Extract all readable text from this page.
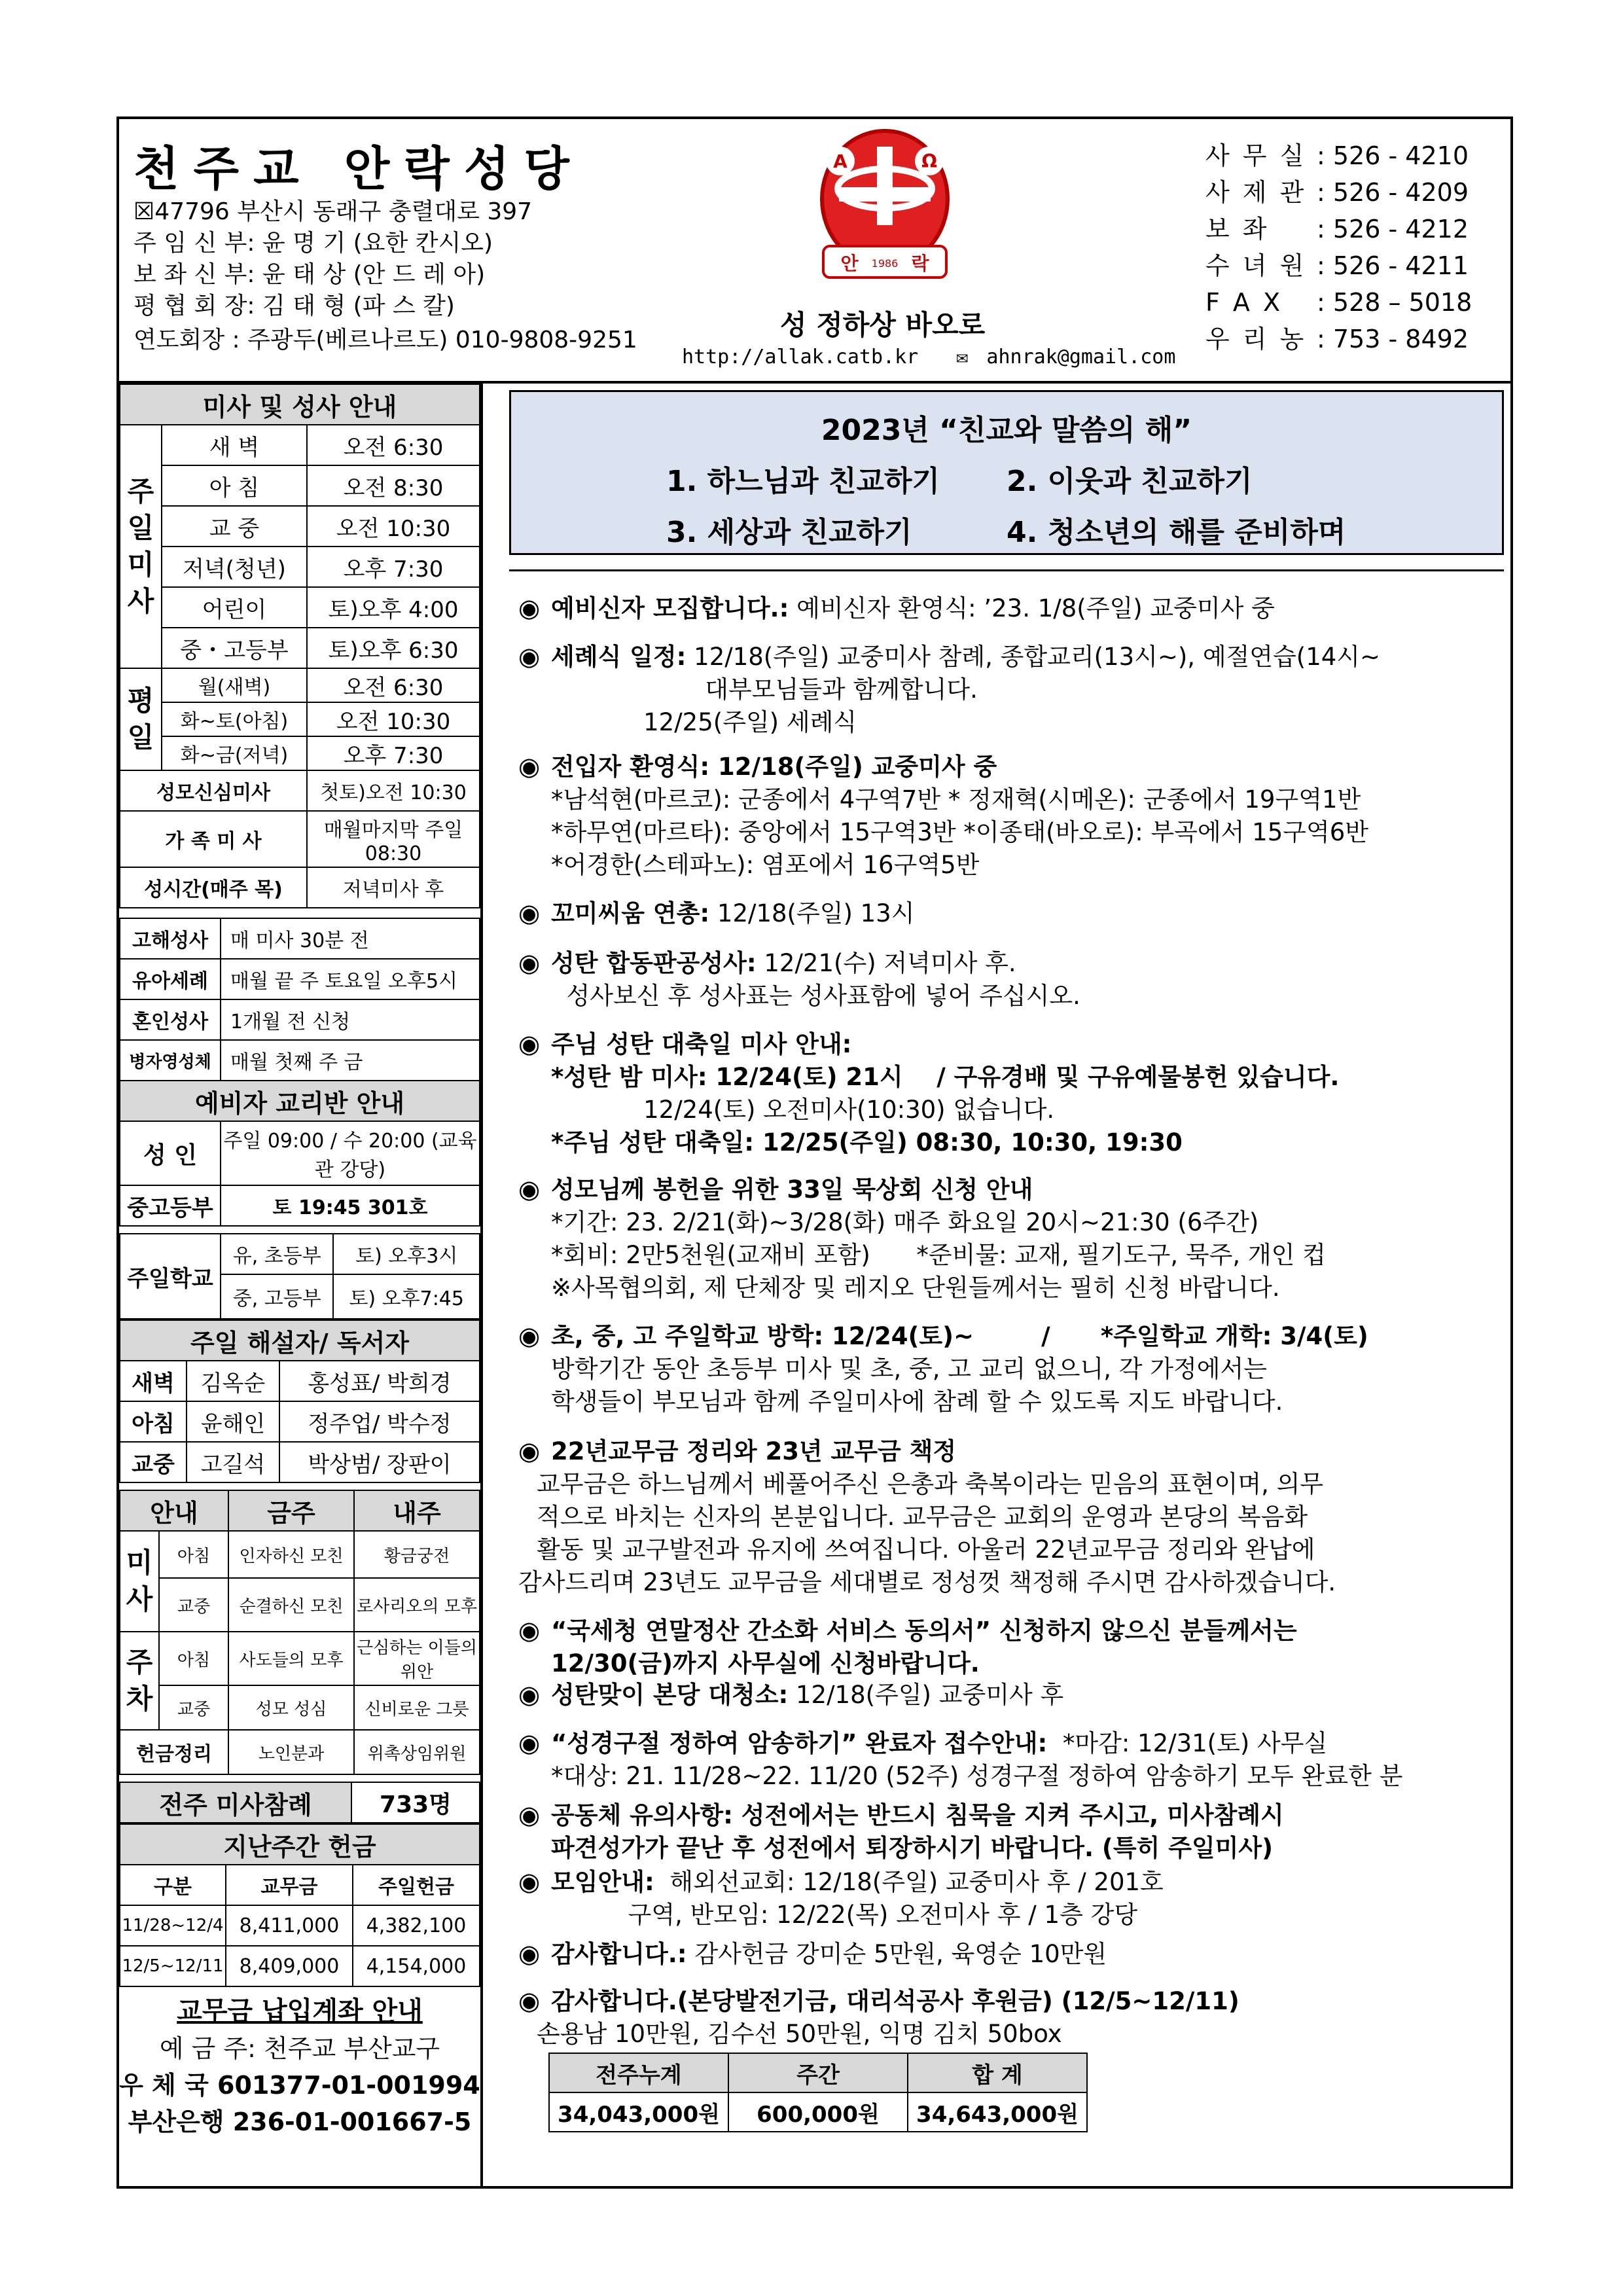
천주교 안락성당
☒47796 부산시 동래구 충렬대로 397
주 임 신 부: 윤 명 기 (요한 칸시오)
보 좌 신 부: 윤 태 상 (안 드 레 아)
평 협 회 장: 김 태 형 (파 스 칼)
연도회장 : 주광두(베르나르도) 010-9808-9251
A	Ω
안	락
1986
성 정하상 바오로
http://allak.catb.kr ✉ ahnrak@gmail.com
사 무 실 : 526 - 4210
사 제 관 : 526 - 4209
보 좌 : 526 - 4212
수 녀 원 : 526 - 4211
F A X : 528 – 5018
우 리 농 : 753 - 8492
미사 및 성사 안내		
주일미사	새 벽	오전 6:30
	아 침	오전 8:30
	교 중	오전 10:30
	저녁(청년)	오후 7:30
	어린이	토)오후 4:00
	중・고등부	토)오후 6:30
평일	월(새벽)	오전 6:30
	화~토(아침)	오전 10:30
	화~금(저녁)	오후 7:30
성모신심미사		첫토)오전 10:30
가 족 미 사		매월마지막 주일 08:30
성시간(매주 목)		저녁미사 후
고해성사	매 미사 30분 전
유아세례	매월 끝 주 토요일 오후5시
혼인성사	1개월 전 신청
병자영성체	매월 첫째 주 금
예비자 교리반 안내	
성 인	주일 09:00 / 수 20:00 (교육관 강당)
중고등부	토 19:45 301호
주일학교	유, 초등부	토) 오후3시
	중, 고등부	토) 오후7:45
주일 해설자/ 독서자		
새벽	김옥순	홍성표/ 박희경
아침	윤해인	정주업/ 박수정
교중	고길석	박상범/ 장판이
안내		금주	내주
미사	아침	인자하신 모친	황금궁전
	교중	순결하신 모친	로사리오의 모후
주차	아침	사도들의 모후	근심하는 이들의 위안
	교중	성모 성심	신비로운 그릇
헌금정리		노인분과	위촉상임위원
전주 미사참례	733명
지난주간 헌금		
구분	교무금	주일헌금
11/28~12/4	8,411,000	4,382,100
12/5~12/11	8,409,000	4,154,000
교무금 납입계좌 안내
예 금 주: 천주교 부산교구
우 체 국 601377-01-001994
부산은행 236-01-001667-5
2023년 “친교와 말씀의 해”
1. 하느님과 친교하기 2. 이웃과 친교하기
3. 세상과 친교하기	4. 청소년의 해를 준비하며
◉ 예비신자 모집합니다.: 예비신자 환영식: ’23. 1/8(주일) 교중미사 중
◉ 세례식 일정: 12/18(주일) 교중미사 참례, 종합교리(13시~), 예절연습(14시~
대부모님들과 함께합니다.
12/25(주일) 세례식
◉ 전입자 환영식: 12/18(주일) 교중미사 중
*남석현(마르코): 군종에서 4구역7반 * 정재혁(시메온): 군종에서 19구역1반
*하무연(마르타): 중앙에서 15구역3반 *이종태(바오로): 부곡에서 15구역6반
*어경한(스테파노): 염포에서 16구역5반
◉ 꼬미씨움 연총: 12/18(주일) 13시
◉ 성탄 합동판공성사: 12/21(수) 저녁미사 후.
성사보신 후 성사표는 성사표함에 넣어 주십시오.
◉ 주님 성탄 대축일 미사 안내:
*성탄 밤 미사: 12/24(토) 21시    / 구유경배 및 구유예물봉헌 있습니다.
12/24(토) 오전미사(10:30) 없습니다.
*주님 성탄 대축일: 12/25(주일) 08:30, 10:30, 19:30
◉ 성모님께 봉헌을 위한 33일 묵상회 신청 안내
*기간: 23. 2/21(화)~3/28(화) 매주 화요일 20시~21:30 (6주간)
*회비: 2만5천원(교재비 포함)      *준비물: 교재, 필기도구, 묵주, 개인 컵
※사목협의회, 제 단체장 및 레지오 단원들께서는 필히 신청 바랍니다.
◉ 초, 중, 고 주일학교 방학: 12/24(토)~        /      *주일학교 개학: 3/4(토)
방학기간 동안 초등부 미사 및 초, 중, 고 교리 없으니, 각 가정에서는
학생들이 부모님과 함께 주일미사에 참례 할 수 있도록 지도 바랍니다.
◉ 22년교무금 정리와 23년 교무금 책정
교무금은 하느님께서 베풀어주신 은총과 축복이라는 믿음의 표현이며, 의무
적으로 바치는 신자의 본분입니다. 교무금은 교회의 운영과 본당의 복음화
활동 및 교구발전과 유지에 쓰여집니다. 아울러 22년교무금 정리와 완납에
감사드리며 23년도 교무금을 세대별로 정성껏 책정해 주시면 감사하겠습니다.
◉ “국세청 연말정산 간소화 서비스 동의서” 신청하지 않으신 분들께서는
12/30(금)까지 사무실에 신청바랍니다.
◉ 성탄맞이 본당 대청소: 12/18(주일) 교중미사 후
◉ “성경구절 정하여 암송하기” 완료자 접수안내:  *마감: 12/31(토) 사무실
*대상: 21. 11/28~22. 11/20 (52주) 성경구절 정하여 암송하기 모두 완료한 분
◉ 공동체 유의사항: 성전에서는 반드시 침묵을 지켜 주시고, 미사참례시
파견성가가 끝난 후 성전에서 퇴장하시기 바랍니다. (특히 주일미사)
◉ 모임안내:  해외선교회: 12/18(주일) 교중미사 후 / 201호
구역, 반모임: 12/22(목) 오전미사 후 / 1층 강당
◉ 감사합니다.: 감사헌금 강미순 5만원, 육영순 10만원
◉ 감사합니다.(본당발전기금, 대리석공사 후원금) (12/5~12/11)
손용남 10만원, 김수선 50만원, 익명 김치 50box
전주누계	주간	합 계
34,043,000원	600,000원	34,643,000원
